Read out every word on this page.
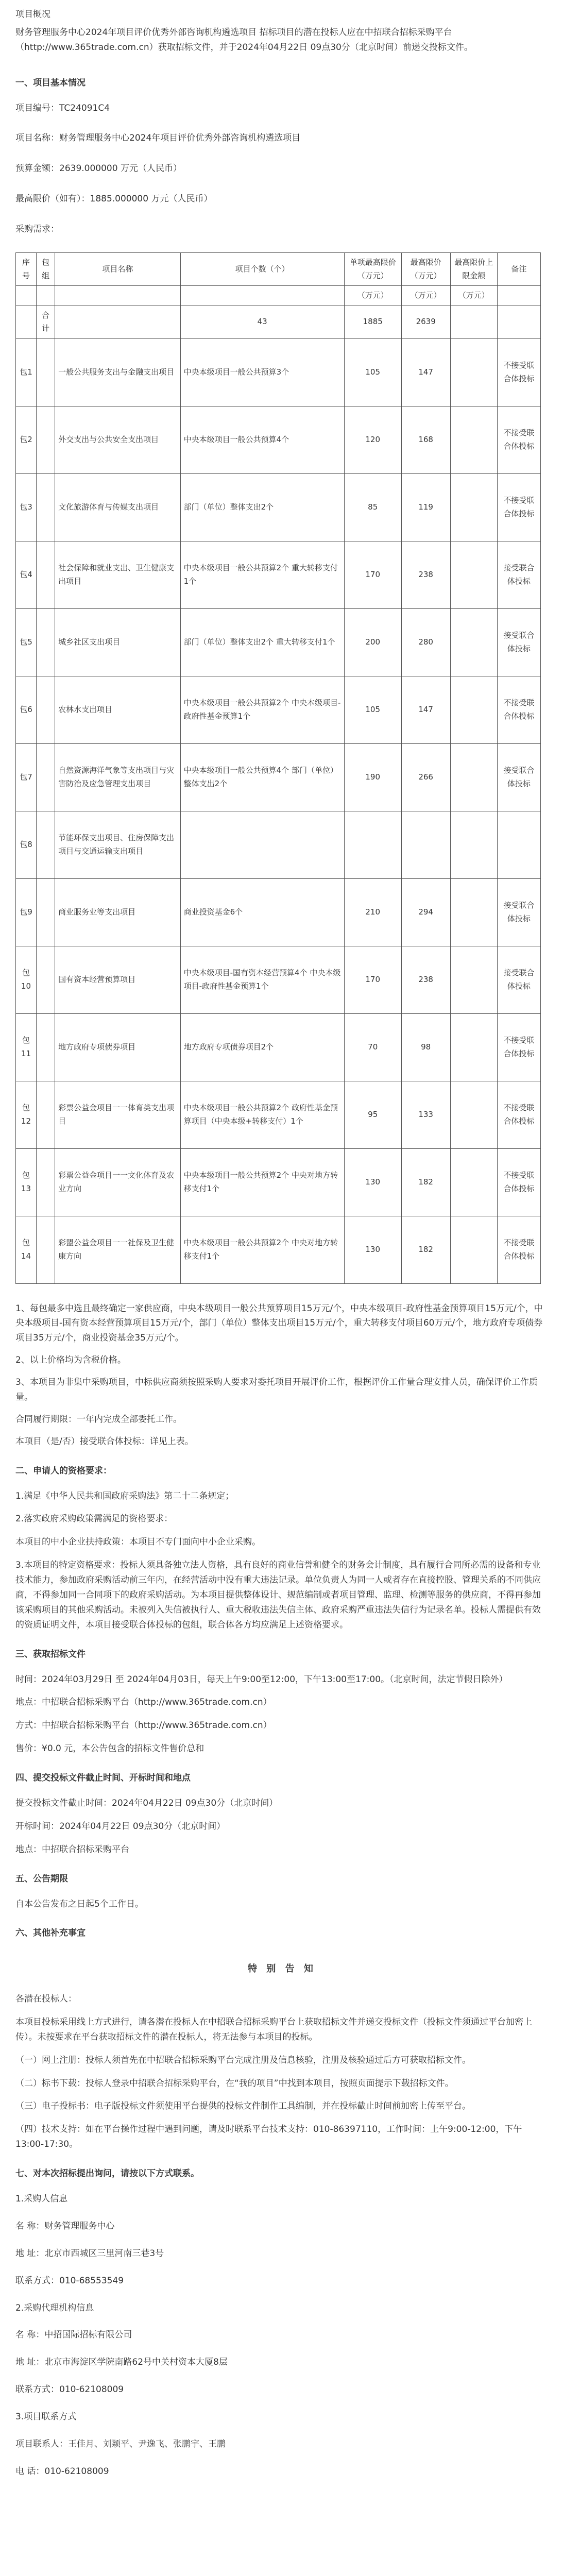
项目概况

财务管理服务中心2024年项目评价优秀外部咨询机构遴选项目 招标项目的潜在投标人应在中招联合招标采购平台（http://www.365trade.com.cn）获取招标文件，并于2024年04月22日 09点30分（北京时间）前递交投标文件。

一、项目基本情况

项目编号：TC24091C4

项目名称：财务管理服务中心2024年项目评价优秀外部咨询机构遴选项目

预算金额：2639.000000 万元（人民币）

最高限价（如有）：1885.000000 万元（人民币）

采购需求：

序号	包组	项目名称	项目个数（个）	单项最高限价（万元）	最高限价（万元）	最高限价上限金额	备注
				（万元）	（万元）	（万元）	
	合计		43	1885	2639		
包1		一般公共服务支出与金融支出项目	中央本级项目一般公共预算3个	105	147		不接受联合体投标
包2		外交支出与公共安全支出项目	中央本级项目一般公共预算4个	120	168		不接受联合体投标
包3		文化旅游体育与传媒支出项目	部门（单位）整体支出2个	85	119		不接受联合体投标
包4		社会保障和就业支出、卫生健康支出项目	中央本级项目一般公共预算2个 重大转移支付1个	170	238		接受联合体投标
包5		城乡社区支出项目	部门（单位）整体支出2个 重大转移支付1个	200	280		接受联合体投标
包6		农林水支出项目	中央本级项目一般公共预算2个 中央本级项目-政府性基金预算1个	105	147		不接受联合体投标
包7		自然资源海洋气象等支出项目与灾害防治及应急管理支出项目	中央本级项目一般公共预算4个 部门（单位）整体支出2个	190	266		接受联合体投标
包8		节能环保支出项目、住房保障支出项目与交通运输支出项目					
包9		商业服务业等支出项目	商业投资基金6个	210	294		接受联合体投标
包10		国有资本经营预算项目	中央本级项目-国有资本经营预算4个 中央本级项目-政府性基金预算1个	170	238		接受联合体投标
包11		地方政府专项债券项目	地方政府专项债券项目2个	70	98		不接受联合体投标
包12		彩票公益金项目一一体育类支出项目	中央本级项目一般公共预算2个 政府性基金预算项目（中央本级+转移支付）1个	95	133		不接受联合体投标
包13		彩票公益金项目一一文化体育及农业方向	中央本级项目一般公共预算2个 中央对地方转移支付1个	130	182		不接受联合体投标
包14		彩盟公益金项目一一社保及卫生健康方向	中央本级项目一般公共预算2个 中央对地方转移支付1个	130	182		不接受联合体投标

1、每包最多中选且最终确定一家供应商，中央本级项目一般公共预算项目15万元/个，中央本级项目-政府性基金预算项目15万元/个，中央本级项目-国有资本经营预算项目15万元/个，部门（单位）整体支出项目15万元/个，重大转移支付项目60万元/个，地方政府专项债券项目35万元/个，商业投资基金35万元/个。

2、以上价格均为含税价格。

3、本项目为非集中采购项目，中标供应商须按照采购人要求对委托项目开展评价工作，根据评价工作量合理安排人员，确保评价工作质量。

合同履行期限：一年内完成全部委托工作。

本项目（是/否）接受联合体投标：详见上表。

二、申请人的资格要求：

1.满足《中华人民共和国政府采购法》第二十二条规定；

2.落实政府采购政策需满足的资格要求：

本项目的中小企业扶持政策：本项目不专门面向中小企业采购。

3.本项目的特定资格要求：投标人须具备独立法人资格，具有良好的商业信誉和健全的财务会计制度，具有履行合同所必需的设备和专业技术能力，参加政府采购活动前三年内，在经营活动中没有重大违法记录。单位负责人为同一人或者存在直接控股、管理关系的不同供应商，不得参加同一合同项下的政府采购活动。为本项目提供整体设计、规范编制或者项目管理、监理、检测等服务的供应商，不得再参加该采购项目的其他采购活动。未被列入失信被执行人、重大税收违法失信主体、政府采购严重违法失信行为记录名单。投标人需提供有效的资质证明文件，本项目接受联合体投标的包组，联合体各方均应满足上述资格要求。

三、获取招标文件

时间：2024年03月29日 至 2024年04月03日，每天上午9:00至12:00，下午13:00至17:00。（北京时间，法定节假日除外）

地点：中招联合招标采购平台（http://www.365trade.com.cn）

方式：中招联合招标采购平台（http://www.365trade.com.cn）

售价：¥0.0 元，本公告包含的招标文件售价总和

四、提交投标文件截止时间、开标时间和地点

提交投标文件截止时间：2024年04月22日 09点30分（北京时间）

开标时间：2024年04月22日 09点30分（北京时间）

地点：中招联合招标采购平台

五、公告期限

自本公告发布之日起5个工作日。

六、其他补充事宜
特 别 告 知

各潜在投标人：

本项目投标采用线上方式进行，请各潜在投标人在中招联合招标采购平台上获取招标文件并递交投标文件（投标文件须通过平台加密上传）。未按要求在平台获取招标文件的潜在投标人，将无法参与本项目的投标。

（一）网上注册：投标人须首先在中招联合招标采购平台完成注册及信息核验，注册及核验通过后方可获取招标文件。

（二）标书下载：投标人登录中招联合招标采购平台，在“我的项目”中找到本项目，按照页面提示下载招标文件。

（三）电子投标书：电子版投标文件须使用平台提供的投标文件制作工具编制，并在投标截止时间前加密上传至平台。

（四）技术支持：如在平台操作过程中遇到问题，请及时联系平台技术支持：010-86397110，工作时间：上午9:00-12:00，下午13:00-17:30。

七、对本次招标提出询问，请按以下方式联系。

1.采购人信息

名 称：财务管理服务中心

地 址：北京市西城区三里河南三巷3号

联系方式：010-68553549

2.采购代理机构信息

名 称：中招国际招标有限公司

地 址：北京市海淀区学院南路62号中关村资本大厦8层

联系方式：010-62108009

3.项目联系方式

项目联系人：王佳月、刘颖平、尹逸飞、张鹏宇、王鹏

电 话：010-62108009
